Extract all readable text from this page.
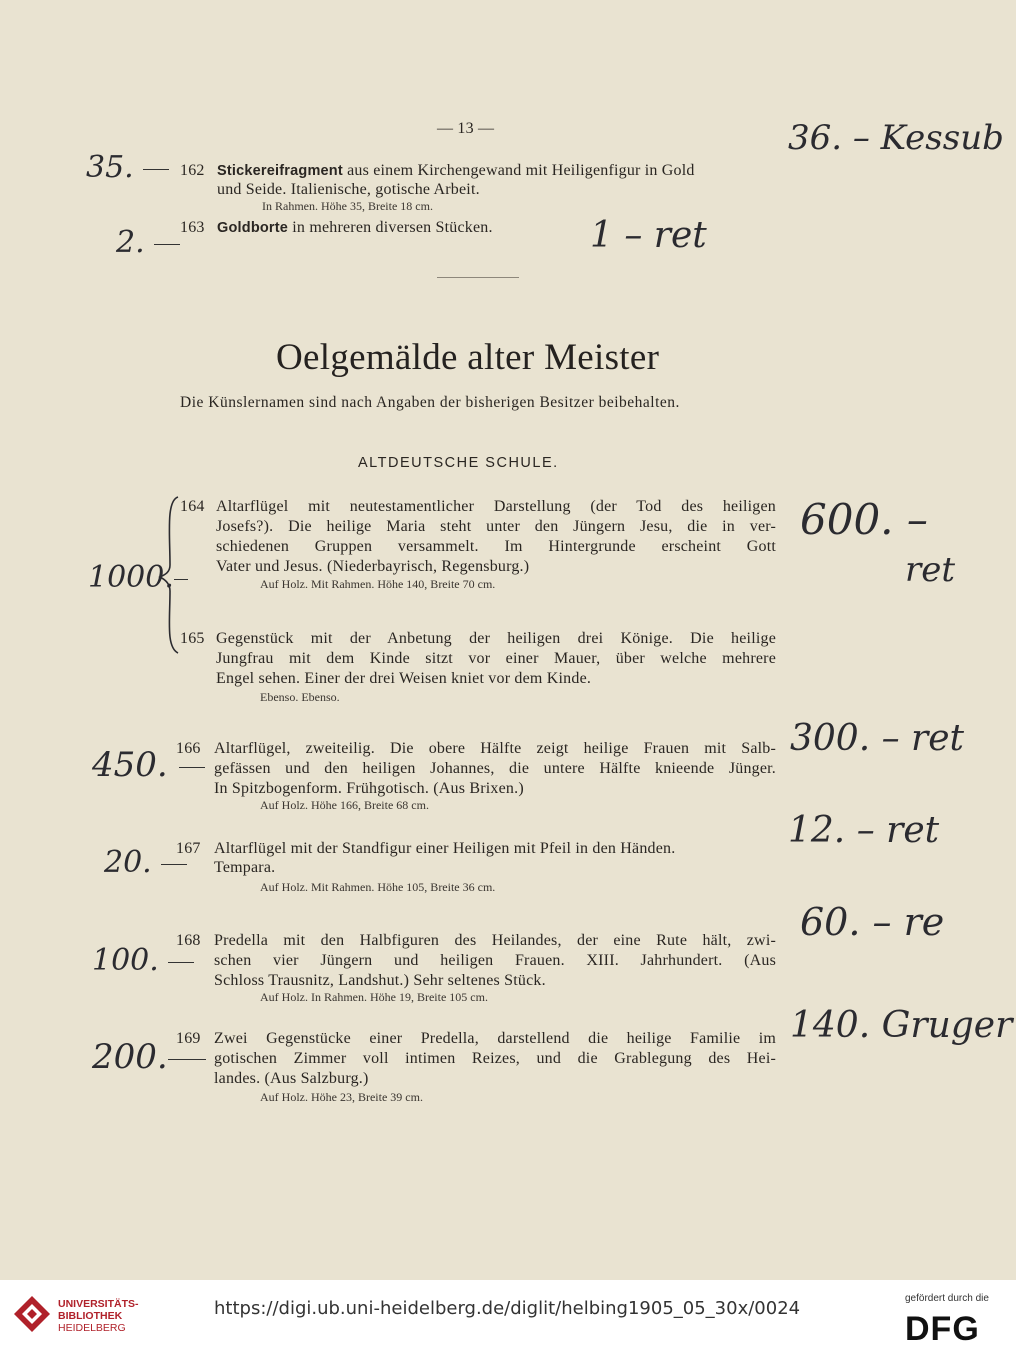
— 13 —
35.	162 Stickereifragment aus einem Kirchengewand mit Heiligenfigur in Gold
und Seide. Italienische, gotische Arbeit.
In Rahmen. Höhe 35, Breite 18 cm.
36. – Kessub
2.	163 Goldborte in mehreren diversen Stücken.	1 – ret
Oelgemälde alter Meister
Die Künslernamen sind nach Angaben der bisherigen Besitzer beibehalten.
ALTDEUTSCHE SCHULE.
1000.
164 Altarflügel mit neutestamentlicher Darstellung (der Tod des heiligen
Josefs?). Die heilige Maria steht unter den Jüngern Jesu, die in ver-
schiedenen Gruppen versammelt. Im Hintergrunde erscheint Gott
Vater und Jesus. (Niederbayrisch, Regensburg.)
Auf Holz. Mit Rahmen. Höhe 140, Breite 70 cm.
600. –
ret
165 Gegenstück mit der Anbetung der heiligen drei Könige. Die heilige
Jungfrau mit dem Kinde sitzt vor einer Mauer, über welche mehrere
Engel sehen. Einer der drei Weisen kniet vor dem Kinde.
Ebenso. Ebenso.
450. 166 Altarflügel, zweiteilig. Die obere Hälfte zeigt heilige Frauen mit Salb-
gefässen und den heiligen Johannes, die untere Hälfte knieende Jünger.
In Spitzbogenform. Frühgotisch. (Aus Brixen.)
Auf Holz. Höhe 166, Breite 68 cm.
300. – ret
20.	167 Altarflügel mit der Standfigur einer Heiligen mit Pfeil in den Händen.
Tempara.
Auf Holz. Mit Rahmen. Höhe 105, Breite 36 cm.
12. – ret
100.
168 Predella mit den Halbfiguren des Heilandes, der eine Rute hält, zwi-
schen vier Jüngern und heiligen Frauen. XIII. Jahrhundert. (Aus
Schloss Trausnitz, Landshut.) Sehr seltenes Stück.
Auf Holz. In Rahmen. Höhe 19, Breite 105 cm.
60. – re
200. 169 Zwei Gegenstücke einer Predella, darstellend die heilige Familie im
gotischen Zimmer voll intimen Reizes, und die Grablegung des Hei-
landes. (Aus Salzburg.)
Auf Holz. Höhe 23, Breite 39 cm.
140. Gruger
UNIVERSITÄTS-
BIBLIOTHEK
HEIDELBERG
https://digi.ub.uni-heidelberg.de/diglit/helbing1905_05_30x/0024	gefördert durch die
DFG
